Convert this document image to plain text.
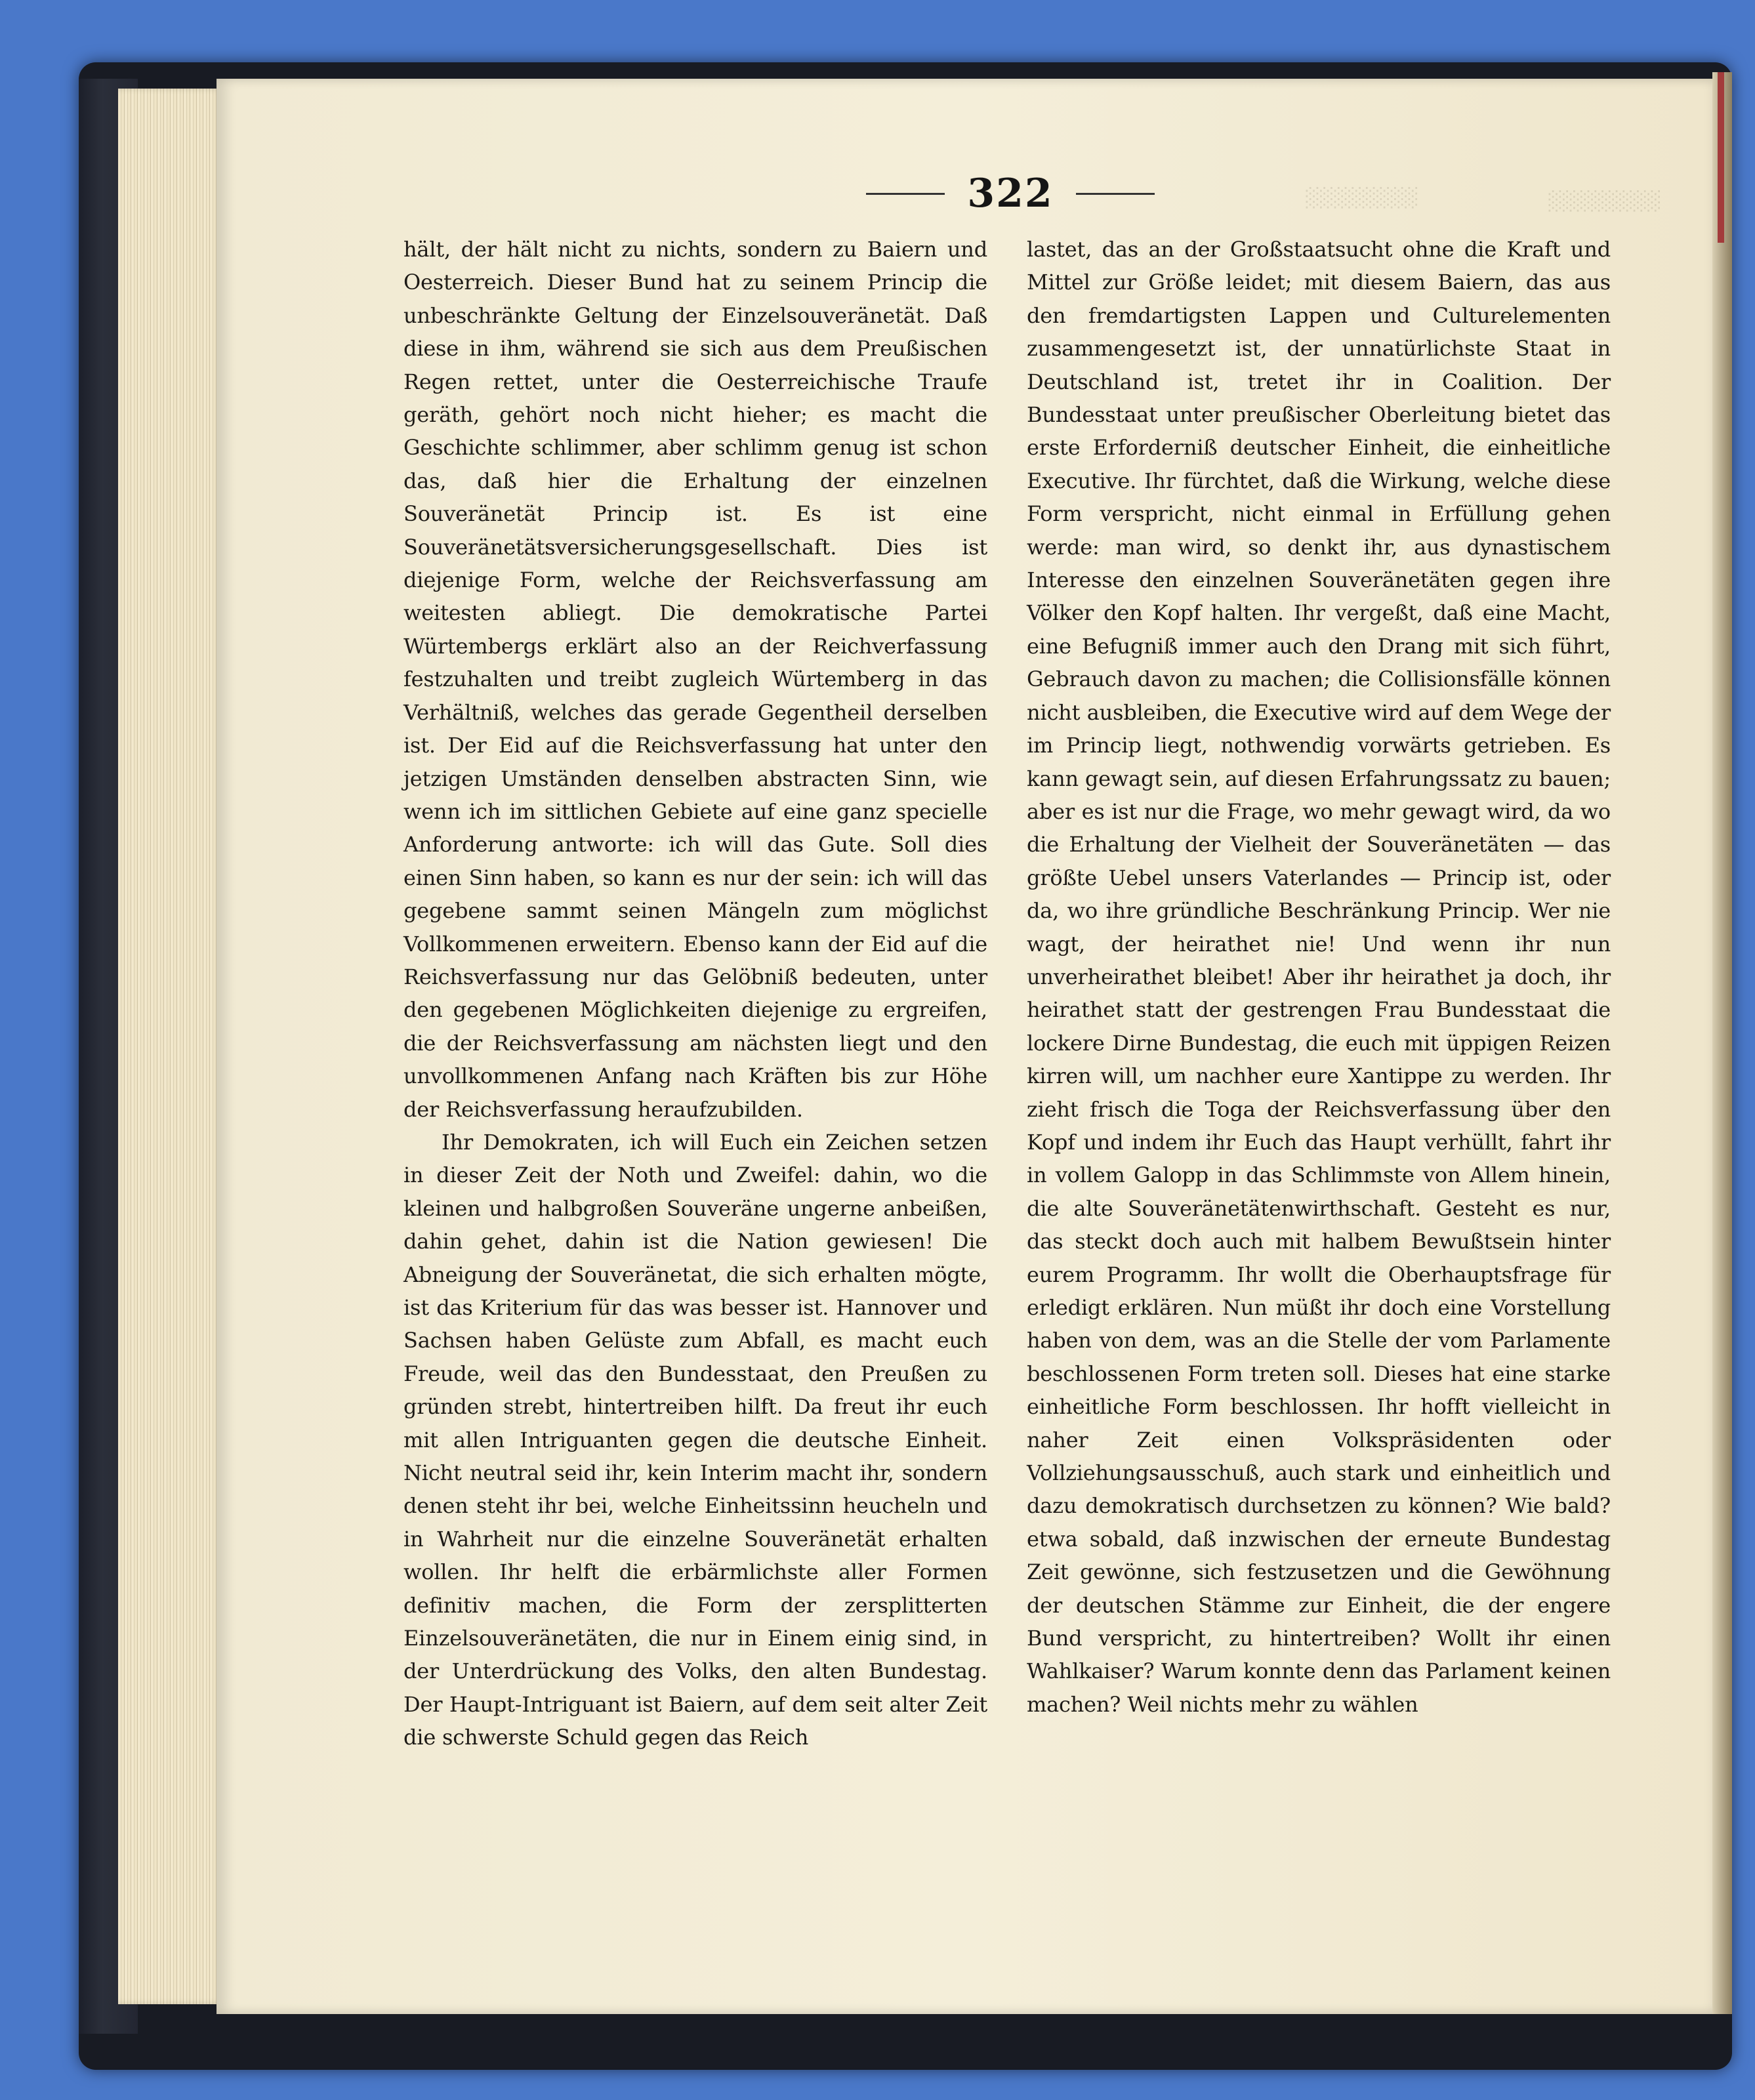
░░░░░░░░	░░░░░░░░
322

hält, der hält nicht zu nichts, sondern zu Baiern und Oesterreich. Dieser Bund hat zu seinem Princip die unbeschränkte Geltung der Einzelsouveränetät. Daß diese in ihm, während sie sich aus dem Preußischen Regen rettet, unter die Oesterreichische Traufe geräth, gehört noch nicht hieher; es macht die Geschichte schlimmer, aber schlimm genug ist schon das, daß hier die Erhaltung der einzelnen Souveränetät Princip ist. Es ist eine Souveränetätsversicherungsgesellschaft. Dies ist diejenige Form, welche der Reichsverfassung am weitesten abliegt. Die demokratische Partei Würtembergs erklärt also an der Reichverfassung festzuhalten und treibt zugleich Würtemberg in das Verhältniß, welches das gerade Gegentheil derselben ist. Der Eid auf die Reichsverfassung hat unter den jetzigen Umständen denselben abstracten Sinn, wie wenn ich im sittlichen Gebiete auf eine ganz specielle Anforderung antworte: ich will das Gute. Soll dies einen Sinn haben, so kann es nur der sein: ich will das gegebene sammt seinen Mängeln zum möglichst Vollkommenen erweitern. Ebenso kann der Eid auf die Reichsverfassung nur das Gelöbniß bedeuten, unter den gegebenen Möglichkeiten diejenige zu ergreifen, die der Reichsverfassung am nächsten liegt und den unvollkommenen Anfang nach Kräften bis zur Höhe der Reichsverfassung heraufzubilden.

Ihr Demokraten, ich will Euch ein Zeichen setzen in dieser Zeit der Noth und Zweifel: dahin, wo die kleinen und halbgroßen Souveräne ungerne anbeißen, dahin gehet, dahin ist die Nation gewiesen! Die Abneigung der Souveränetat, die sich erhalten mögte, ist das Kriterium für das was besser ist. Hannover und Sachsen haben Gelüste zum Abfall, es macht euch Freude, weil das den Bundesstaat, den Preußen zu gründen strebt, hintertreiben hilft. Da freut ihr euch mit allen Intriguanten gegen die deutsche Einheit. Nicht neutral seid ihr, kein Interim macht ihr, sondern denen steht ihr bei, welche Einheitssinn heucheln und in Wahrheit nur die einzelne Souveränetät erhalten wollen. Ihr helft die erbärmlichste aller Formen definitiv machen, die Form der zersplitterten Einzelsouveränetäten, die nur in Einem einig sind, in der Unterdrückung des Volks, den alten Bundestag. Der Haupt-Intriguant ist Baiern, auf dem seit alter Zeit die schwerste Schuld gegen das Reich

lastet, das an der Großstaatsucht ohne die Kraft und Mittel zur Größe leidet; mit diesem Baiern, das aus den fremdartigsten Lappen und Culturelementen zusammengesetzt ist, der unnatürlichste Staat in Deutschland ist, tretet ihr in Coalition. Der Bundesstaat unter preußischer Oberleitung bietet das erste Erforderniß deutscher Einheit, die einheitliche Executive. Ihr fürchtet, daß die Wirkung, welche diese Form verspricht, nicht einmal in Erfüllung gehen werde: man wird, so denkt ihr, aus dynastischem Interesse den einzelnen Souveränetäten gegen ihre Völker den Kopf halten. Ihr vergeßt, daß eine Macht, eine Befugniß immer auch den Drang mit sich führt, Gebrauch davon zu machen; die Collisionsfälle können nicht ausbleiben, die Executive wird auf dem Wege der im Princip liegt, nothwendig vorwärts getrieben. Es kann gewagt sein, auf diesen Erfahrungssatz zu bauen; aber es ist nur die Frage, wo mehr gewagt wird, da wo die Erhaltung der Vielheit der Souveränetäten — das größte Uebel unsers Vaterlandes — Princip ist, oder da, wo ihre gründliche Beschränkung Princip. Wer nie wagt, der heirathet nie! Und wenn ihr nun unverheirathet bleibet! Aber ihr heirathet ja doch, ihr heirathet statt der gestrengen Frau Bundesstaat die lockere Dirne Bundestag, die euch mit üppigen Reizen kirren will, um nachher eure Xantippe zu werden. Ihr zieht frisch die Toga der Reichsverfassung über den Kopf und indem ihr Euch das Haupt verhüllt, fahrt ihr in vollem Galopp in das Schlimmste von Allem hinein, die alte Souveränetätenwirthschaft. Gesteht es nur, das steckt doch auch mit halbem Bewußtsein hinter eurem Programm. Ihr wollt die Oberhauptsfrage für erledigt erklären. Nun müßt ihr doch eine Vorstellung haben von dem, was an die Stelle der vom Parlamente beschlossenen Form treten soll. Dieses hat eine starke einheitliche Form beschlossen. Ihr hofft vielleicht in naher Zeit einen Volkspräsidenten oder Vollziehungsausschuß, auch stark und einheitlich und dazu demokratisch durchsetzen zu können? Wie bald? etwa sobald, daß inzwischen der erneute Bundestag Zeit gewönne, sich festzusetzen und die Gewöhnung der deutschen Stämme zur Einheit, die der engere Bund verspricht, zu hintertreiben? Wollt ihr einen Wahlkaiser? Warum konnte denn das Parlament keinen machen? Weil nichts mehr zu wählen
